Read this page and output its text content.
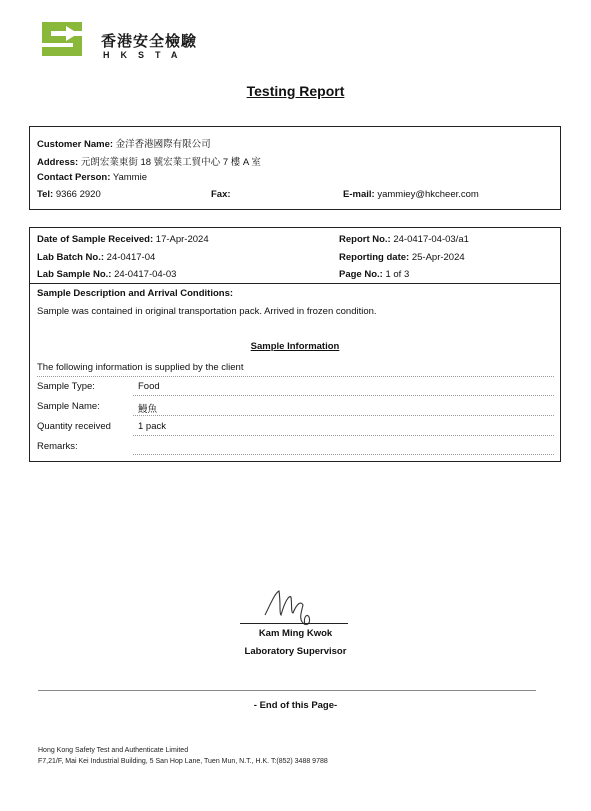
香港安全檢驗
HKSTA
Testing Report
Customer Name: 金洋香港國際有限公司
Address: 元朗宏業東街 18 號宏業工貿中心 7 樓 A 室
Contact Person: Yammie
Tel: 9366 2920	Fax:	E-mail: yammiey@hkcheer.com
Date of Sample Received: 17-Apr-2024	Report No.: 24-0417-04-03/a1
Lab Batch No.: 24-0417-04	Reporting date: 25-Apr-2024
Lab Sample No.: 24-0417-04-03	Page No.: 1 of 3
Sample Description and Arrival Conditions:
Sample was contained in original transportation pack. Arrived in frozen condition.
Sample Information
The following information is supplied by the client
Sample Type:	Food
Sample Name:	鰻魚
Quantity received	1 pack
Remarks:
Kam Ming Kwok
Laboratory Supervisor
- End of this Page-
Hong Kong Safety Test and Authenticate Limited
F7,21/F, Mai Kei Industrial Building, 5 San Hop Lane, Tuen Mun, N.T., H.K. T:(852) 3488 9788
